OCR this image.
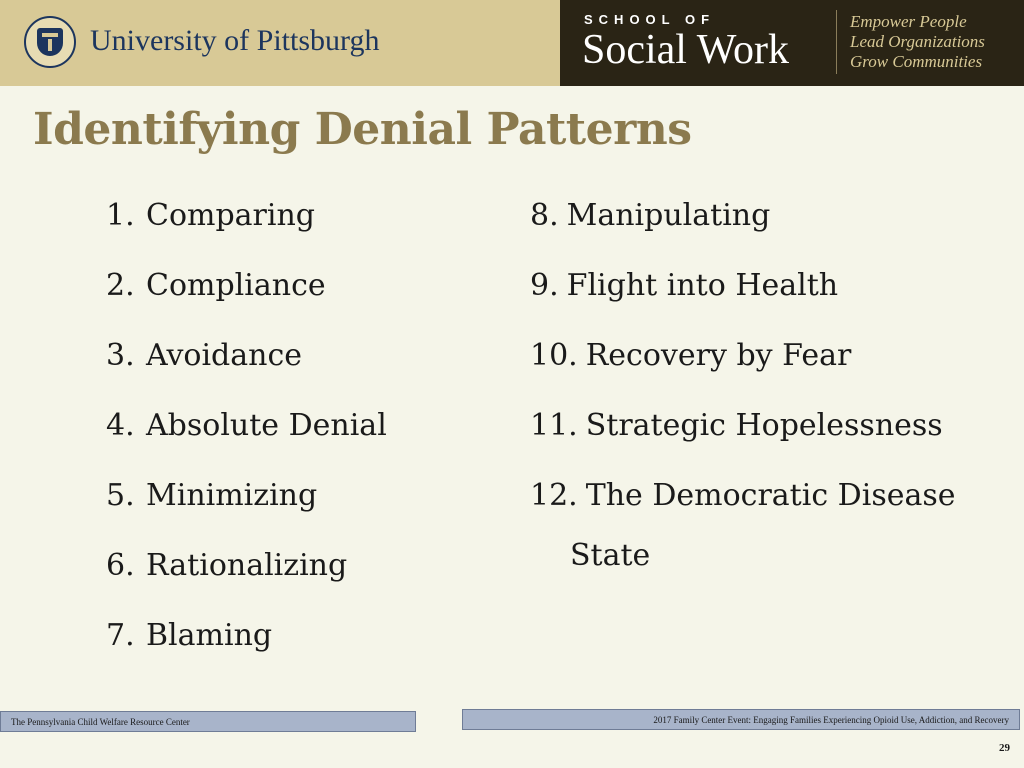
University of Pittsburgh
SCHOOL OF
Social Work
Empower People
Lead Organizations
Grow Communities
Identifying Denial Patterns
1. Comparing
2. Compliance
3. Avoidance
4. Absolute Denial
5. Minimizing
6. Rationalizing
7. Blaming
8. Manipulating
9. Flight into Health
10. Recovery by Fear
11. Strategic Hopelessness
12. The Democratic Disease
State
The Pennsylvania Child Welfare Resource Center	2017 Family Center Event: Engaging Families Experiencing Opioid Use, Addiction, and Recovery
29
